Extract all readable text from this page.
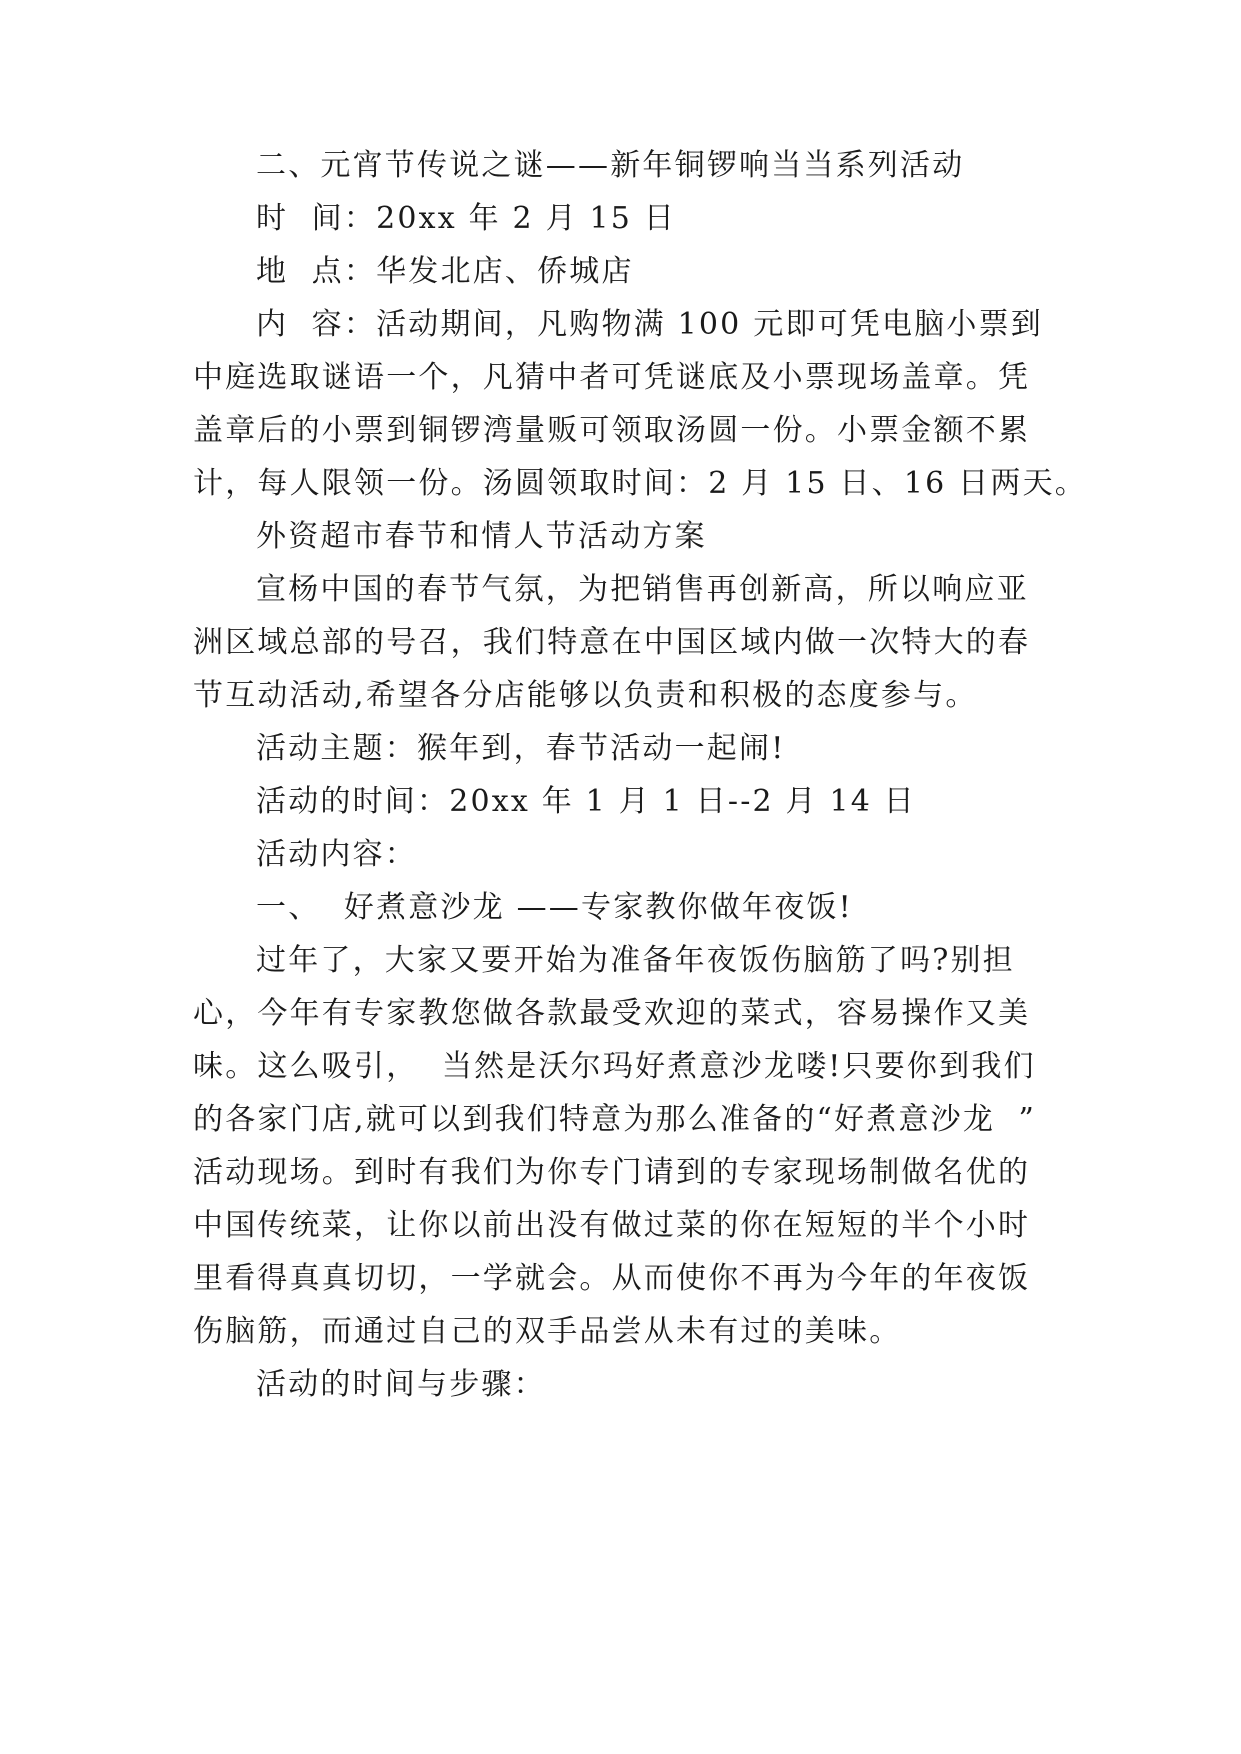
二、元宵节传说之谜——新年铜锣响当当系列活动
时  间：20xx 年 2 月 15 日
地  点：华发北店、侨城店
内  容：活动期间，凡购物满 100 元即可凭电脑小票到
中庭选取谜语一个，凡猜中者可凭谜底及小票现场盖章。凭
盖章后的小票到铜锣湾量贩可领取汤圆一份。小票金额不累
计，每人限领一份。汤圆领取时间：2 月 15 日、16 日两天。
外资超市春节和情人节活动方案
宣杨中国的春节气氛，为把销售再创新高，所以响应亚
洲区域总部的号召，我们特意在中国区域内做一次特大的春
节互动活动,希望各分店能够以负责和积极的态度参与。
活动主题：猴年到，春节活动一起闹!
活动的时间：20xx 年 1 月 1 日--2 月 14 日
活动内容：
一、  好煮意沙龙 ——专家教你做年夜饭!
过年了，大家又要开始为准备年夜饭伤脑筋了吗?别担
心，今年有专家教您做各款最受欢迎的菜式，容易操作又美
味。这么吸引，  当然是沃尔玛好煮意沙龙喽!只要你到我们
的各家门店,就可以到我们特意为那么准备的“好煮意沙龙  ”
活动现场。到时有我们为你专门请到的专家现场制做名优的
中国传统菜，让你以前出没有做过菜的你在短短的半个小时
里看得真真切切，一学就会。从而使你不再为今年的年夜饭
伤脑筋，而通过自己的双手品尝从未有过的美味。
活动的时间与步骤：
